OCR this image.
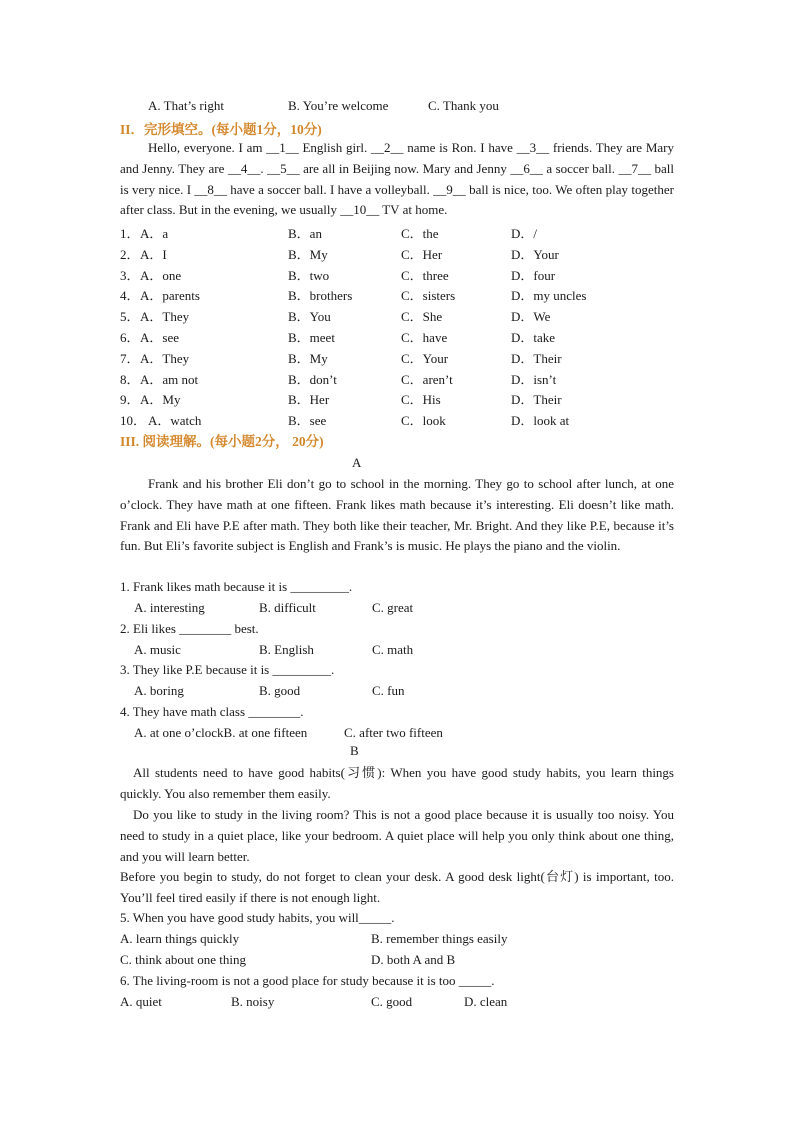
A. That’s right	B. You’re welcome	C. Thank you
II．完形填空。(每小题1分，10分)
Hello, everyone. I am __1__ English girl. __2__ name is Ron. I have __3__ friends. They are Mary and Jenny. They are __4__. __5__ are all in Beijing now. Mary and Jenny __6__ a soccer ball. __7__ ball is very nice. I __8__ have a soccer ball. I have a volleyball. __9__ ball is nice, too. We often play together after class. But in the evening, we usually __10__ TV at home.
1． A．a	B．an	C．the	D．/
2． A．I	B．My	C．Her	D．Your
3． A．one	B．two	C．three	D．four
4． A．parents	B．brothers	C．sisters	D．my uncles
5． A．They	B．You	C．She	D．We
6． A．see	B．meet	C．have	D．take
7． A．They	B．My	C．Your	D．Their
8． A．am not	B．don’t	C．aren’t	D．isn’t
9． A．My	B．Her	C．His	D．Their
10． A．watch	B．see	C．look	D．look at
III. 阅读理解。(每小题2分， 20分)
A
Frank and his brother Eli don’t go to school in the morning. They go to school after lunch, at one o’clock. They have math at one fifteen. Frank likes math because it’s interesting. Eli doesn’t like math. Frank and Eli have P.E after math. They both like their teacher, Mr. Bright. And they like P.E, because it’s fun. But Eli’s favorite subject is English and Frank’s is music. He plays the piano and the violin.
1. Frank likes math because it is _________.
A. interesting	B. difficult	C. great
2. Eli likes ________ best.
A. music	B. English	C. math
3. They like P.E because it is _________.
A. boring	B. good	C. fun
4. They have math class ________.
A. at one o’clockB. at one fifteen	C. after two fifteen
B
All students need to have good habits(习惯): When you have good study habits, you learn things quickly. You also remember them easily.
Do you like to study in the living room? This is not a good place because it is usually too noisy. You need to study in a quiet place, like your bedroom. A quiet place will help you only think about one thing, and you will learn better.
Before you begin to study, do not forget to clean your desk. A good desk light(台灯) is important, too. You’ll feel tired easily if there is not enough light.
5. When you have good study habits, you will_____.
A. learn things quickly	B. remember things easily
C. think about one thing	D. both A and B
6. The living-room is not a good place for study because it is too _____.
A. quiet	B. noisy	C. good	D. clean
